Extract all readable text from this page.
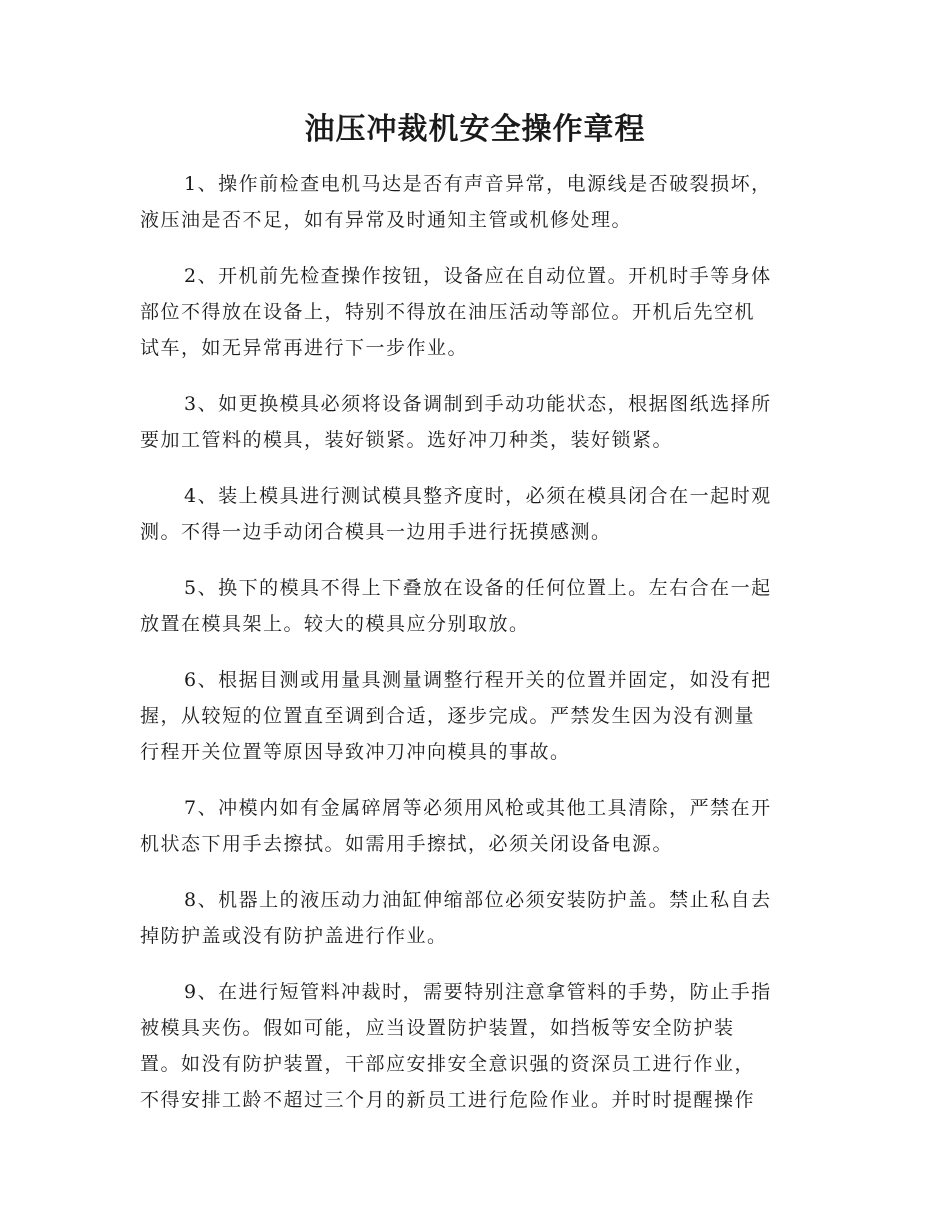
油压冲裁机安全操作章程

1、操作前检查电机马达是否有声音异常，电源线是否破裂损坏，
液压油是否不足，如有异常及时通知主管或机修处理。

2、开机前先检查操作按钮，设备应在自动位置。开机时手等身体
部位不得放在设备上，特别不得放在油压活动等部位。开机后先空机
试车，如无异常再进行下一步作业。

3、如更换模具必须将设备调制到手动功能状态，根据图纸选择所
要加工管料的模具，装好锁紧。选好冲刀种类，装好锁紧。

4、装上模具进行测试模具整齐度时，必须在模具闭合在一起时观
测。不得一边手动闭合模具一边用手进行抚摸感测。

5、换下的模具不得上下叠放在设备的任何位置上。左右合在一起
放置在模具架上。较大的模具应分别取放。

6、根据目测或用量具测量调整行程开关的位置并固定，如没有把
握，从较短的位置直至调到合适，逐步完成。严禁发生因为没有测量
行程开关位置等原因导致冲刀冲向模具的事故。

7、冲模内如有金属碎屑等必须用风枪或其他工具清除，严禁在开
机状态下用手去擦拭。如需用手擦拭，必须关闭设备电源。

8、机器上的液压动力油缸伸缩部位必须安装防护盖。禁止私自去
掉防护盖或没有防护盖进行作业。

9、在进行短管料冲裁时，需要特别注意拿管料的手势，防止手指
被模具夹伤。假如可能，应当设置防护装置，如挡板等安全防护装
置。如没有防护装置，干部应安排安全意识强的资深员工进行作业，
不得安排工龄不超过三个月的新员工进行危险作业。并时时提醒操作
